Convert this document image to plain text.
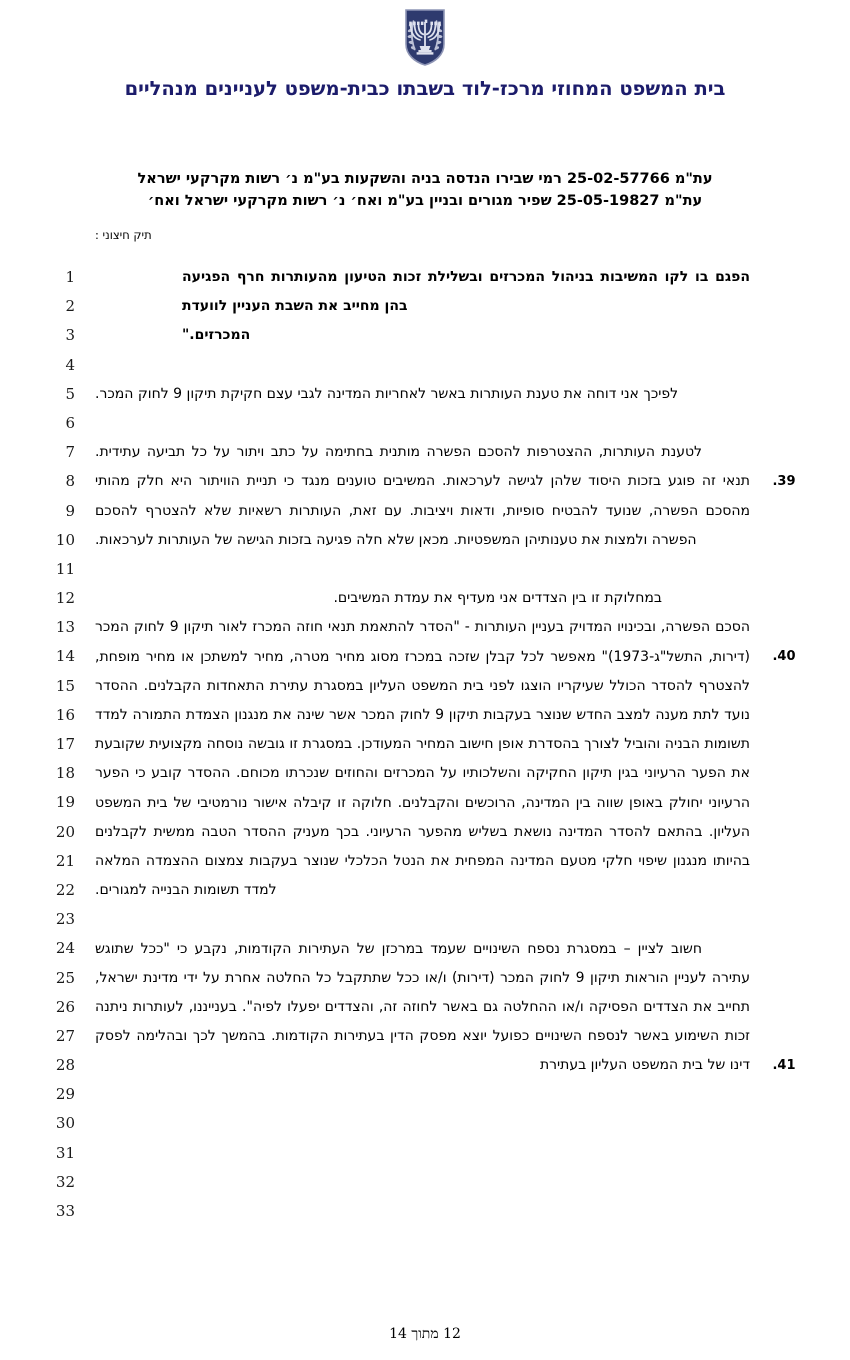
בית המשפט המחוזי מרכז-לוד בשבתו כבית-משפט לעניינים מנהליים
עת"מ 25-02-57766 רמי שבירו הנדסה בניה והשקעות בע"מ נ׳ רשות מקרקעי ישראל
עת"מ 25-05-19827 שפיר מגורים ובניין בע"מ ואח׳ נ׳ רשות מקרקעי ישראל ואח׳
תיק חיצוני :
1
2
3
4
5
6
7
8
9
10
11
12
13
14
15
16
17
18
19
20
21
22
23
24
25
26
27
28
29
30
31
32
33
39.
40.
41.
הפגם בו לקו המשיבות בניהול המכרזים ובשלילת זכות הטיעון מהעותרות חרף הפגיעה בהן מחייב את השבת העניין לוועדת
המכרזים."

לפיכך אני דוחה את טענת העותרות באשר לאחריות המדינה לגבי עצם חקיקת תיקון 9 לחוק המכר.

לטענת העותרות, ההצטרפות להסכם הפשרה מותנית בחתימה על כתב ויתור על כל תביעה עתידית. תנאי זה פוגע בזכות היסוד שלהן לגישה לערכאות. המשיבים טוענים מנגד כי תניית הוויתור היא חלק מהותי מהסכם הפשרה, שנועד להבטיח סופיות, ודאות ויציבות. עם זאת, העותרות רשאיות שלא להצטרף להסכם הפשרה ולמצות את טענותיהן המשפטיות. מכאן שלא חלה פגיעה בזכות הגישה של העותרות לערכאות.

במחלוקת זו בין הצדדים אני מעדיף את עמדת המשיבים.

הסכם הפשרה, ובכינויו המדויק בעניין העותרות - "הסדר להתאמת תנאי חוזה המכרז לאור תיקון 9 לחוק המכר (דירות, התשל"ג-1973)" מאפשר לכל קבלן שזכה במכרז מסוג מחיר מטרה, מחיר למשתכן או מחיר מופחת, להצטרף להסדר הכולל שעיקריו הוצגו לפני בית המשפט העליון במסגרת עתירת התאחדות הקבלנים. ההסדר נועד לתת מענה למצב החדש שנוצר בעקבות תיקון 9 לחוק המכר אשר שינה את מנגנון הצמדת התמורה למדד תשומות הבניה והוביל לצורך בהסדרת אופן חישוב המחיר המעודכן. במסגרת זו גובשה נוסחה מקצועית שקובעת את הפער הרעיוני בגין תיקון החקיקה והשלכותיו על המכרזים והחוזים שנכרתו מכוחם. ההסדר קובע כי הפער הרעיוני יחולק באופן שווה בין המדינה, הרוכשים והקבלנים. חלוקה זו קיבלה אישור נורמטיבי של בית המשפט העליון. בהתאם להסדר המדינה נושאת בשליש מהפער הרעיוני. בכך מעניק ההסדר הטבה ממשית לקבלנים בהיותו מנגנון שיפוי חלקי מטעם המדינה המפחית את הנטל הכלכלי שנוצר בעקבות צמצום ההצמדה המלאה למדד תשומות הבנייה למגורים.

חשוב לציין – במסגרת נספח השינויים שעמד במרכזן של העתירות הקודמות, נקבע כי "ככל שתוגש עתירה לעניין הוראות תיקון 9 לחוק המכר (דירות) ו/או ככל שתתקבל כל החלטה אחרת על ידי מדינת ישראל, תחייב את הצדדים הפסיקה ו/או ההחלטה גם באשר לחוזה זה, והצדדים יפעלו לפיה". בענייננו, לעותרות ניתנה זכות השימוע באשר לנספח השינויים כפועל יוצא מפסק הדין בעתירות הקודמות. בהמשך לכך ובהלימה לפסק דינו של בית המשפט העליון בעתירת

12 מתוך 14
